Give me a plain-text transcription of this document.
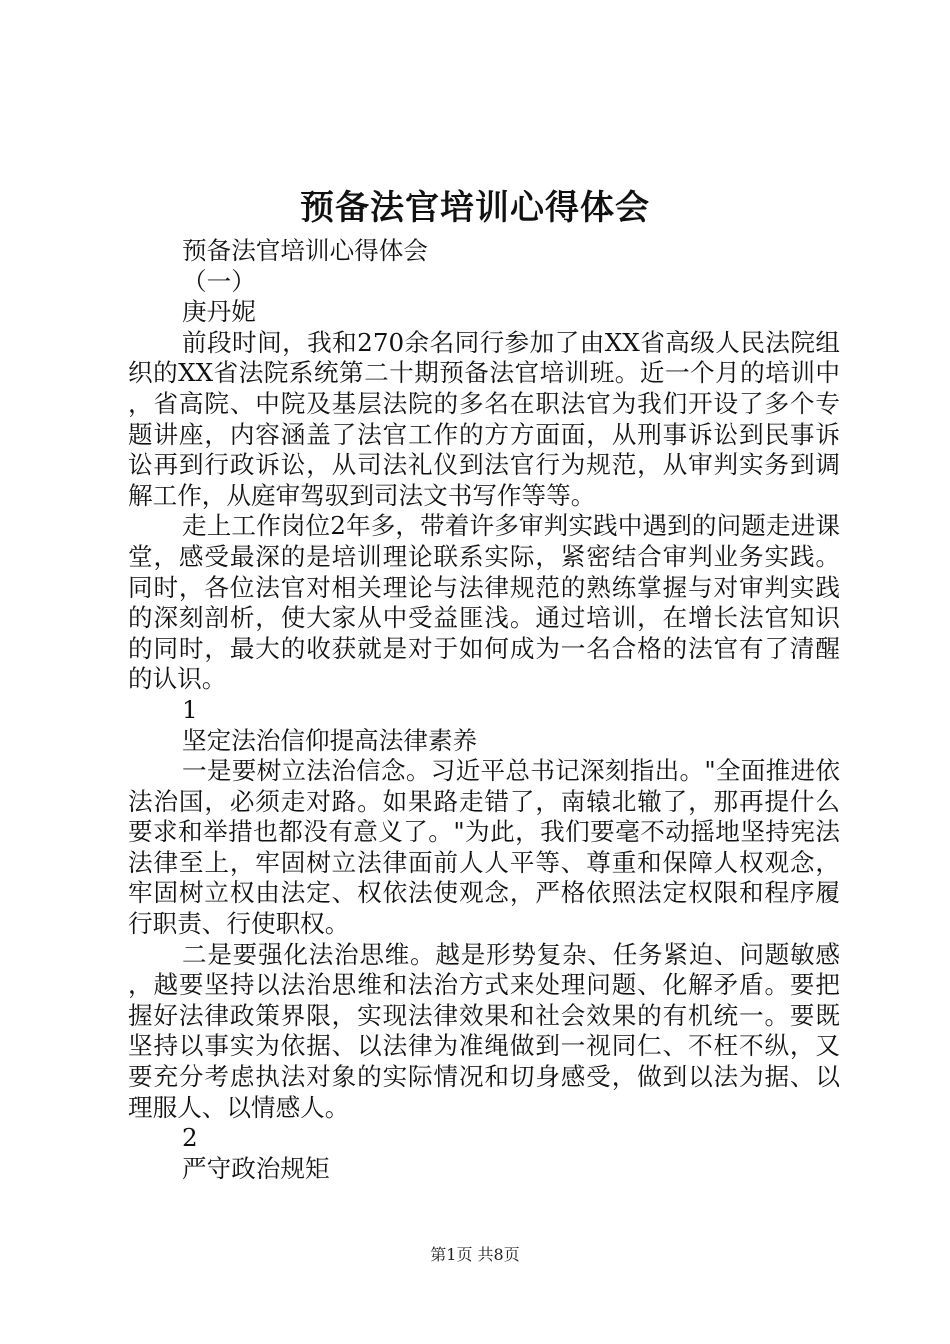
预备法官培训心得体会

预备法官培训心得体会

（一）

庚丹妮

前段时间，我和270余名同行参加了由XX省高级人民法院组织的XX省法院系统第二十期预备法官培训班。近一个月的培训中，省高院、中院及基层法院的多名在职法官为我们开设了多个专题讲座，内容涵盖了法官工作的方方面面，从刑事诉讼到民事诉讼再到行政诉讼，从司法礼仪到法官行为规范，从审判实务到调解工作，从庭审驾驭到司法文书写作等等。

走上工作岗位2年多，带着许多审判实践中遇到的问题走进课堂，感受最深的是培训理论联系实际，紧密结合审判业务实践。同时，各位法官对相关理论与法律规范的熟练掌握与对审判实践的深刻剖析，使大家从中受益匪浅。通过培训，在增长法官知识的同时，最大的收获就是对于如何成为一名合格的法官有了清醒的认识。

1

坚定法治信仰提高法律素养

一是要树立法治信念。习近平总书记深刻指出。"全面推进依法治国，必须走对路。如果路走错了，南辕北辙了，那再提什么要求和举措也都没有意义了。"为此，我们要毫不动摇地坚持宪法法律至上，牢固树立法律面前人人平等、尊重和保障人权观念，牢固树立权由法定、权依法使观念，严格依照法定权限和程序履行职责、行使职权。

二是要强化法治思维。越是形势复杂、任务紧迫、问题敏感，越要坚持以法治思维和法治方式来处理问题、化解矛盾。要把握好法律政策界限，实现法律效果和社会效果的有机统一。要既坚持以事实为依据、以法律为准绳做到一视同仁、不枉不纵，又要充分考虑执法对象的实际情况和切身感受，做到以法为据、以理服人、以情感人。

2

严守政治规矩

第1页 共8页
